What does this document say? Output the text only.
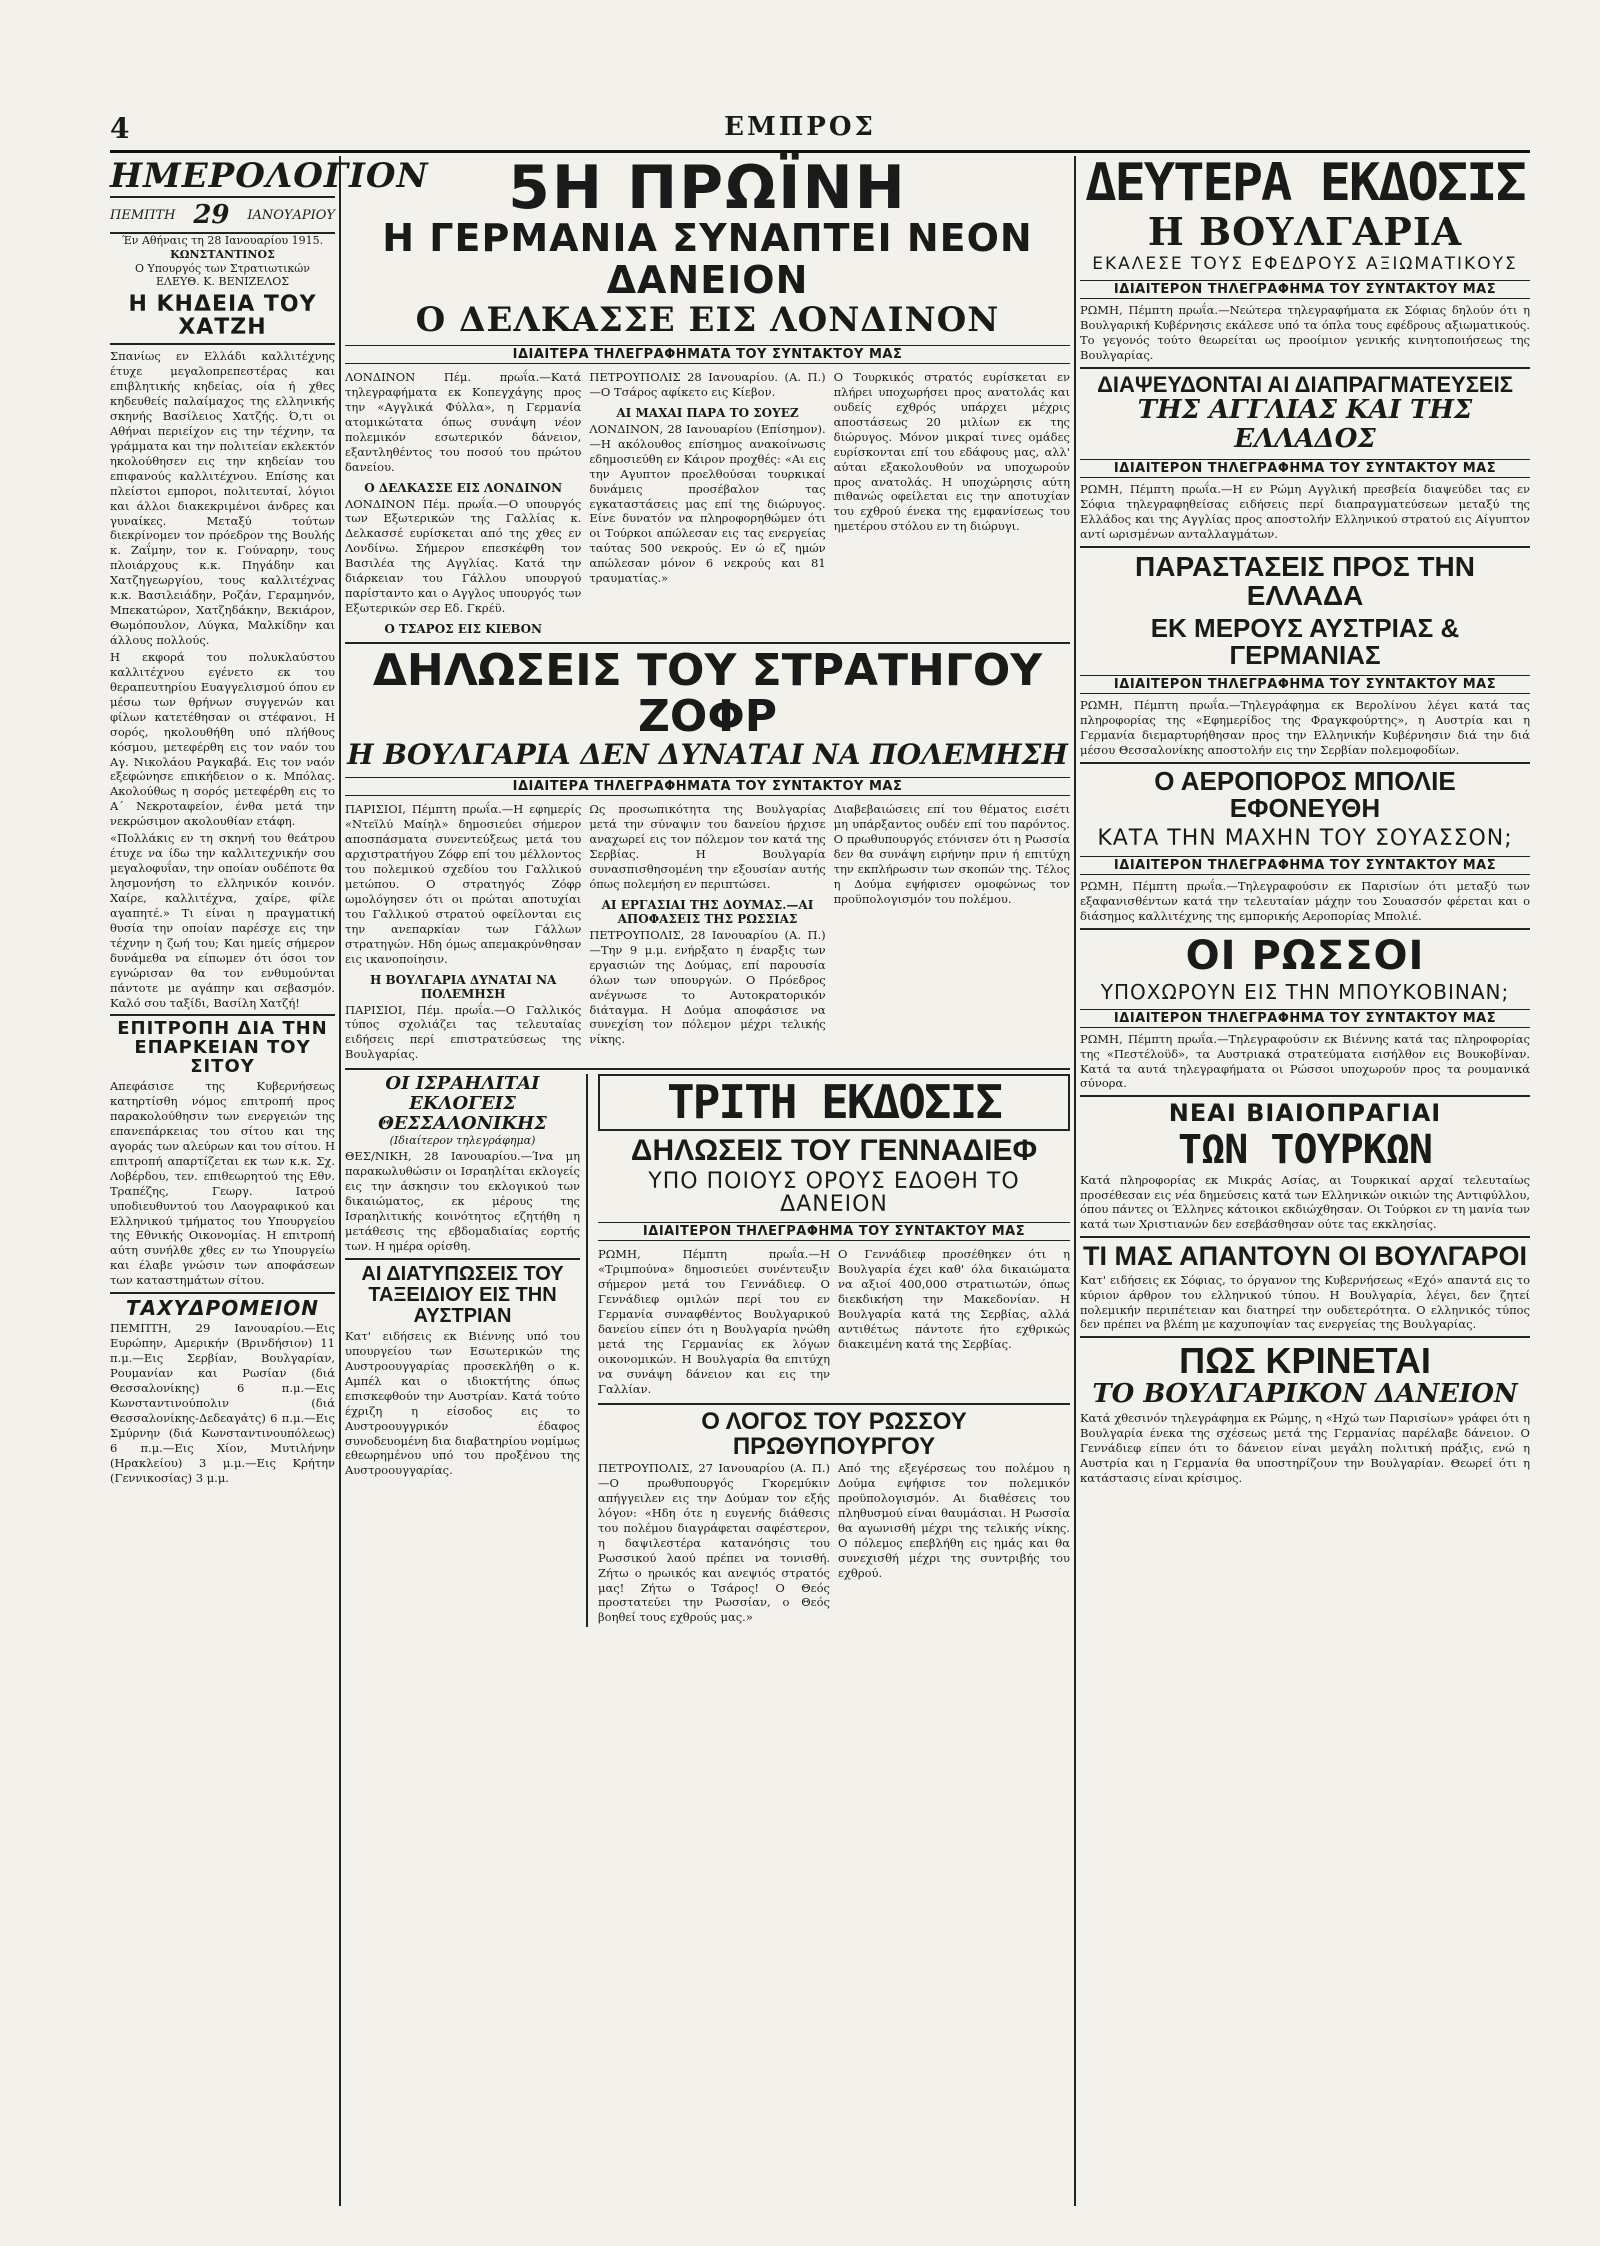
4	ΕΜΠΡΟΣ
ΗΜΕΡΟΛΟΓΙΟΝ
ΠΕΜΠΤΗ 29 ΙΑΝΟΥΑΡΙΟΥ
Έν Αθήναις τη 28 Ιανουαρίου 1915.
ΚΩΝΣΤΑΝΤΙΝΟΣ
Ο Υπουργός των Στρατιωτικών
ΕΛΕΥΘ. Κ. ΒΕΝΙΖΕΛΟΣ
Η ΚΗΔΕΙΑ ΤΟΥ ΧΑΤΖΗ

Σπανίως εν Ελλάδι καλλιτέχνης έτυχε μεγαλοπρεπεστέρας και επιβλητικής κηδείας, οία ή χθες κηδευθείς παλαίμαχος της ελληνικής σκηνής Βασίλειος Χατζής. Ό,τι οι Αθήναι περιείχον εις την τέχνην, τα γράμματα και την πολιτείαν εκλεκτόν ηκολούθησεν εις την κηδείαν του επιφανούς καλλιτέχνου. Επίσης και πλείστοι εμποροι, πολιτευταί, λόγιοι και άλλοι διακεκριμένοι άνδρες και γυναίκες. Μεταξύ τούτων διεκρίνομεν τον πρόεδρον της Βουλής κ. Ζαΐμην, τον κ. Γούναρην, τους πλοιάρχους κ.κ. Πηγάδην και Χατζηγεωργίου, τους καλλιτέχνας κ.κ. Βασιλειάδην, Ροζάν, Γεραμηνόν, Μπεκατώρον, Χατζηδάκην, Βεκιάρον, Θωμόπουλον, Λύγκα, Μαλκίδην και άλλους πολλούς.

Η εκφορά του πολυκλαύστου καλλιτέχνου εγένετο εκ του θεραπευτηρίου Ευαγγελισμού όπου εν μέσω των θρήνων συγγενών και φίλων κατετέθησαν οι στέφανοι. Η σορός, ηκολουθήθη υπό πλήθους κόσμου, μετεφέρθη εις τον ναόν του Αγ. Νικολάου Ραγκαβά. Εις τον ναόν εξεφώνησε επικήδειον ο κ. Μπόλας. Ακολούθως η σορός μετεφέρθη εις το Α΄ Νεκροταφείον, ένθα μετά την νεκρώσιμον ακολουθίαν ετάφη.

«Πολλάκις εν τη σκηνή του θεάτρου έτυχε να ίδω την καλλιτεχνικήν σου μεγαλοφυΐαν, την οποίαν ουδέποτε θα λησμονήση το ελληνικόν κοινόν. Χαίρε, καλλιτέχνα, χαίρε, φίλε αγαπητέ.» Τι είναι η πραγματική θυσία την οποίαν παρέσχε εις την τέχνην η ζωή του; Και ημείς σήμερον δυνάμεθα να είπωμεν ότι όσοι τον εγνώρισαν θα τον ενθυμούνται πάντοτε με αγάπην και σεβασμόν. Καλό σου ταξίδι, Βασίλη Χατζή!

ΕΠΙΤΡΟΠΗ ΔΙΑ ΤΗΝ ΕΠΑΡΚΕΙΑΝ ΤΟΥ ΣΙΤΟΥ

Απεφάσισε της Κυβερνήσεως κατηρτίσθη νόμος επιτροπή προς παρακολούθησιν των ενεργειών της επανεπάρκειας του σίτου και της αγοράς των αλεύρων και του σίτου. Η επιτροπή απαρτίζεται εκ των κ.κ. Σχ. Λοβέρδου, τεν. επιθεωρητού της Εθν. Τραπέζης, Γεωργ. Ιατρού υποδιευθυντού του Λαογραφικού και Ελληνικού τμήματος του Υπουργείου της Εθνικής Οικονομίας. Η επιτροπή αύτη συνήλθε χθες εν τω Υπουργείω και έλαβε γνώσιν των αποφάσεων των καταστημάτων σίτου.

ΤΑΧΥΔΡΟΜΕΙΟΝ

ΠΕΜΠΤΗ, 29 Ιανουαρίου.—Εις Ευρώπην, Αμερικήν (Βρινδήσιον) 11 π.μ.—Εις Σερβίαν, Βουλγαρίαν, Ρουμανίαν και Ρωσίαν (διά Θεσσαλονίκης) 6 π.μ.—Εις Κωνσταντινούπολιν (διά Θεσσαλονίκης-Δεδεαγάτς) 6 π.μ.—Εις Σμύρνην (διά Κωνσταντινουπόλεως) 6 π.μ.—Εις Χίον, Μυτιλήνην (Ηρακλείου) 3 μ.μ.—Εις Κρήτην (Γεννικοσίας) 3 μ.μ.

5Η ΠΡΩΪΝΗ
Η ΓΕΡΜΑΝΙΑ ΣΥΝΑΠΤΕΙ ΝΕΟΝ ΔΑΝΕΙΟΝ
Ο ΔΕΛΚΑΣΣΕ ΕΙΣ ΛΟΝΔΙΝΟΝ
ΙΔΙΑΙΤΕΡΑ ΤΗΛΕΓΡΑΦΗΜΑΤΑ ΤΟΥ ΣΥΝΤΑΚΤΟΥ ΜΑΣ

ΛΟΝΔΙΝΟΝ Πέμ. πρωΐα.—Κατά τηλεγραφήματα εκ Κοπεγχάγης προς την «Αγγλικά Φύλλα», η Γερμανία ατομικώτατα όπως συνάψη νέον πολεμικόν εσωτερικόν δάνειον, εξαντληθέντος του ποσού του πρώτου δανείου.

Ο ΔΕΛΚΑΣΣΕ ΕΙΣ ΛΟΝΔΙΝΟΝ

ΛΟΝΔΙΝΟΝ Πέμ. πρωΐα.—Ο υπουργός των Εξωτερικών της Γαλλίας κ. Δελκασσέ ευρίσκεται από της χθες εν Λονδίνω. Σήμερον επεσκέφθη τον Βασιλέα της Αγγλίας. Κατά την διάρκειαν του Γάλλου υπουργού παρίσταντο και ο Αγγλος υπουργός των Εξωτερικών σερ Εδ. Γκρέϋ.

Ο ΤΣΑΡΟΣ ΕΙΣ ΚΙΕΒΟΝ

ΠΕΤΡΟΥΠΟΛΙΣ 28 Ιανουαρίου. (Α. Π.)—Ο Τσάρος αφίκετο εις Κίεβον.

ΑΙ ΜΑΧΑΙ ΠΑΡΑ ΤΟ ΣΟΥΕΖ

ΛΟΝΔΙΝΟΝ, 28 Ιανουαρίου (Επίσημον).—Η ακόλουθος επίσημος ανακοίνωσις εδημοσιεύθη εν Κάιρον προχθές: «Αι εις την Αγυπτον προελθούσαι τουρκικαί δυνάμεις προσέβαλον τας εγκαταστάσεις μας επί της διώρυγος. Είνε δυνατόν να πληροφορηθώμεν ότι οι Τούρκοι απώλεσαν εις τας ενεργείας ταύτας 500 νεκρούς. Εν ώ εζ ημών απώλεσαν μόνον 6 νεκρούς και 81 τραυματίας.»

Ο Τουρκικός στρατός ευρίσκεται εν πλήρει υποχωρήσει προς ανατολάς και ουδείς εχθρός υπάρχει μέχρις αποστάσεως 20 μιλίων εκ της διώρυγος. Μόνον μικραί τινες ομάδες ευρίσκονται επί του εδάφους μας, αλλ' αύται εξακολουθούν να υποχωρούν προς ανατολάς. Η υποχώρησις αύτη πιθανώς οφείλεται εις την αποτυχίαν του εχθρού ένεκα της εμφανίσεως του ημετέρου στόλου εν τη διώρυγι.

ΔΗΛΩΣΕΙΣ ΤΟΥ ΣΤΡΑΤΗΓΟΥ ΖΟΦΡ
Η ΒΟΥΛΓΑΡΙΑ ΔΕΝ ΔΥΝΑΤΑΙ ΝΑ ΠΟΛΕΜΗΣΗ
ΙΔΙΑΙΤΕΡΑ ΤΗΛΕΓΡΑΦΗΜΑΤΑ ΤΟΥ ΣΥΝΤΑΚΤΟΥ ΜΑΣ

ΠΑΡΙΣΙΟΙ, Πέμπτη πρωΐα.—Η εφημερίς «Ντεϊλύ Μαίηλ» δημοσιεύει σήμερον αποσπάσματα συνεντεύξεως μετά του αρχιστρατήγου Ζόφρ επί του μέλλοντος του πολεμικού σχεδίου του Γαλλικού μετώπου. Ο στρατηγός Ζόφρ ωμολόγησεν ότι οι πρώται αποτυχίαι του Γαλλικού στρατού οφείλονται εις την ανεπαρκίαν των Γάλλων στρατηγών. Ηδη όμως απεμακρύνθησαν εις ικανοποίησιν.

Η ΒΟΥΛΓΑΡΙΑ ΔΥΝΑΤΑΙ ΝΑ ΠΟΛΕΜΗΣΗ

ΠΑΡΙΣΙΟΙ, Πέμ. πρωΐα.—Ο Γαλλικός τύπος σχολιάζει τας τελευταίας ειδήσεις περί επιστρατεύσεως της Βουλγαρίας.

Ως προσωπικότητα της Βουλγαρίας μετά την σύναψιν του δανείου ήρχισε αναχωρεί εις τον πόλεμον τον κατά της Σερβίας. Η Βουλγαρία συνασπισθησομένη την εξουσίαν αυτής όπως πολεμήση εν περιπτώσει.

ΑΙ ΕΡΓΑΣΙΑΙ ΤΗΣ ΔΟΥΜΑΣ.—ΑΙ ΑΠΟΦΑΣΕΙΣ ΤΗΣ ΡΩΣΣΙΑΣ

ΠΕΤΡΟΥΠΟΛΙΣ, 28 Ιανουαρίου (Α. Π.)—Την 9 μ.μ. ενήρξατο η έναρξις των εργασιών της Δούμας, επί παρουσία όλων των υπουργών. Ο Πρόεδρος ανέγνωσε το Αυτοκρατορικόν διάταγμα. Η Δούμα αποφάσισε να συνεχίση τον πόλεμον μέχρι τελικής νίκης.

Διαβεβαιώσεις επί του θέματος εισέτι μη υπάρξαντος ουδέν επί του παρόντος. Ο πρωθυπουργός ετόνισεν ότι η Ρωσσία δεν θα συνάψη ειρήνην πριν ή επιτύχη την εκπλήρωσιν των σκοπών της. Τέλος η Δούμα εψήφισεν ομοφώνως τον προϋπολογισμόν του πολέμου.

ΟΙ ΙΣΡΑΗΛΙΤΑΙ ΕΚΛΟΓΕΙΣ ΘΕΣΣΑΛΟΝΙΚΗΣ
(Ιδιαίτερον τηλεγράφημα)

ΘΕΣ/ΝΙΚΗ, 28 Ιανουαρίου.—Ίνα μη παρακωλυθώσιν οι Ισραηλίται εκλογείς εις την άσκησιν του εκλογικού των δικαιώματος, εκ μέρους της Ισραηλιτικής κοινότητος εζητήθη η μετάθεσις της εβδομαδιαίας εορτής των. Η ημέρα ορίσθη.

ΑΙ ΔΙΑΤΥΠΩΣΕΙΣ ΤΟΥ ΤΑΞΕΙΔΙΟΥ ΕΙΣ ΤΗΝ ΑΥΣΤΡΙΑΝ

Κατ' ειδήσεις εκ Βιέννης υπό του υπουργείου των Εσωτερικών της Αυστροουγγαρίας προσεκλήθη ο κ. Αμπέλ και ο ιδιοκτήτης όπως επισκεφθούν την Αυστρίαν. Κατά τούτο έχριζη η είσοδος εις το Αυστροουγγρικόν έδαφος συνοδευομένη δια διαβατηρίου νομίμως εθεωρημένου υπό του προξένου της Αυστροουγγαρίας.

ΤΡΙΤΗ ΕΚΔΟΣΙΣ
ΔΗΛΩΣΕΙΣ ΤΟΥ ΓΕΝΝΑΔΙΕΦ
ΥΠΟ ΠΟΙΟΥΣ ΟΡΟΥΣ ΕΔΟΘΗ ΤΟ ΔΑΝΕΙΟΝ
ΙΔΙΑΙΤΕΡΟΝ ΤΗΛΕΓΡΑΦΗΜΑ ΤΟΥ ΣΥΝΤΑΚΤΟΥ ΜΑΣ

ΡΩΜΗ, Πέμπτη πρωΐα.—Η «Τριμπούνα» δημοσιεύει συνέντευξιν σήμερον μετά του Γεννάδιεφ. Ο Γεννάδιεφ ομιλών περί του εν Γερμανία συναφθέντος Βουλγαρικού δανείου είπεν ότι η Βουλγαρία ηνώθη μετά της Γερμανίας εκ λόγων οικονομικών. Η Βουλγαρία θα επιτύχη να συνάψη δάνειον και εις την Γαλλίαν.

Ο Γεννάδιεφ προσέθηκεν ότι η Βουλγαρία έχει καθ' όλα δικαιώματα να αξιοί 400,000 στρατιωτών, όπως διεκδικήση την Μακεδονίαν. Η Βουλγαρία κατά της Σερβίας, αλλά αντιθέτως πάντοτε ήτο εχθρικώς διακειμένη κατά της Σερβίας.

Ο ΛΟΓΟΣ ΤΟΥ ΡΩΣΣΟΥ ΠΡΩΘΥΠΟΥΡΓΟΥ

ΠΕΤΡΟΥΠΟΛΙΣ, 27 Ιανουαρίου (Α. Π.)—Ο πρωθυπουργός Γκορεμύκιν απήγγειλεν εις την Δούμαν τον εξής λόγον: «Ηδη ότε η ευγενής διάθεσις του πολέμου διαγράφεται σαφέστερον, η δαψιλεστέρα κατανόησις του Ρωσσικού λαού πρέπει να τονισθή. Ζήτω ο ηρωικός και ανεψιός στρατός μας! Ζήτω ο Τσάρος! Ο Θεός προστατεύει την Ρωσσίαν, ο Θεός βοηθεί τους εχθρούς μας.»

Από της εξεγέρσεως του πολέμου η Δούμα εψήφισε τον πολεμικόν προϋπολογισμόν. Αι διαθέσεις του πληθυσμού είναι θαυμάσιαι. Η Ρωσσία θα αγωνισθή μέχρι της τελικής νίκης. Ο πόλεμος επεβλήθη εις ημάς και θα συνεχισθή μέχρι της συντριβής του εχθρού.

ΔΕΥΤΕΡΑ ΕΚΔΟΣΙΣ
Η ΒΟΥΛΓΑΡΙΑ
ΕΚΑΛΕΣΕ ΤΟΥΣ ΕΦΕΔΡΟΥΣ ΑΞΙΩΜΑΤΙΚΟΥΣ
ΙΔΙΑΙΤΕΡΟΝ ΤΗΛΕΓΡΑΦΗΜΑ ΤΟΥ ΣΥΝΤΑΚΤΟΥ ΜΑΣ

ΡΩΜΗ, Πέμπτη πρωΐα.—Νεώτερα τηλεγραφήματα εκ Σόφιας δηλούν ότι η Βουλγαρική Κυβέρνησις εκάλεσε υπό τα όπλα τους εφέδρους αξιωματικούς. Το γεγονός τούτο θεωρείται ως προοίμιον γενικής κινητοποιήσεως της Βουλγαρίας.

ΔΙΑΨΕΥΔΟΝΤΑΙ ΑΙ ΔΙΑΠΡΑΓΜΑΤΕΥΣΕΙΣ
ΤΗΣ ΑΓΓΛΙΑΣ ΚΑΙ ΤΗΣ ΕΛΛΑΔΟΣ
ΙΔΙΑΙΤΕΡΟΝ ΤΗΛΕΓΡΑΦΗΜΑ ΤΟΥ ΣΥΝΤΑΚΤΟΥ ΜΑΣ

ΡΩΜΗ, Πέμπτη πρωΐα.—Η εν Ρώμη Αγγλική πρεσβεία διαψεύδει τας εν Σόφια τηλεγραφηθείσας ειδήσεις περί διαπραγματεύσεων μεταξύ της Ελλάδος και της Αγγλίας προς αποστολήν Ελληνικού στρατού εις Αίγυπτον αντί ωρισμένων ανταλλαγμάτων.

ΠΑΡΑΣΤΑΣΕΙΣ ΠΡΟΣ ΤΗΝ ΕΛΛΑΔΑ
ΕΚ ΜΕΡΟΥΣ ΑΥΣΤΡΙΑΣ & ΓΕΡΜΑΝΙΑΣ
ΙΔΙΑΙΤΕΡΟΝ ΤΗΛΕΓΡΑΦΗΜΑ ΤΟΥ ΣΥΝΤΑΚΤΟΥ ΜΑΣ

ΡΩΜΗ, Πέμπτη πρωΐα.—Τηλεγράφημα εκ Βερολίνου λέγει κατά τας πληροφορίας της «Εφημερίδος της Φραγκφούρτης», η Αυστρία και η Γερμανία διεμαρτυρήθησαν προς την Ελληνικήν Κυβέρνησιν διά την διά μέσου Θεσσαλονίκης αποστολήν εις την Σερβίαν πολεμοφοδίων.

Ο ΑΕΡΟΠΟΡΟΣ ΜΠΟΛΙΕ ΕΦΟΝΕΥΘΗ
ΚΑΤΑ ΤΗΝ ΜΑΧΗΝ ΤΟΥ ΣΟΥΑΣΣΟΝ;
ΙΔΙΑΙΤΕΡΟΝ ΤΗΛΕΓΡΑΦΗΜΑ ΤΟΥ ΣΥΝΤΑΚΤΟΥ ΜΑΣ

ΡΩΜΗ, Πέμπτη πρωΐα.—Τηλεγραφούσιν εκ Παρισίων ότι μεταξύ των εξαφανισθέντων κατά την τελευταίαν μάχην του Σουασσόν φέρεται και ο διάσημος καλλιτέχνης της εμπορικής Αεροπορίας Μπολιέ.

ΟΙ ΡΩΣΣΟΙ
ΥΠΟΧΩΡΟΥΝ ΕΙΣ ΤΗΝ ΜΠΟΥΚΟΒΙΝΑΝ;
ΙΔΙΑΙΤΕΡΟΝ ΤΗΛΕΓΡΑΦΗΜΑ ΤΟΥ ΣΥΝΤΑΚΤΟΥ ΜΑΣ

ΡΩΜΗ, Πέμπτη πρωΐα.—Τηλεγραφούσιν εκ Βιέννης κατά τας πληροφορίας της «Πεστέλοϋδ», τα Αυστριακά στρατεύματα εισήλθον εις Βουκοβίναν. Κατά τα αυτά τηλεγραφήματα οι Ρώσσοι υποχωρούν προς τα ρουμανικά σύνορα.

ΝΕΑΙ ΒΙΑΙΟΠΡΑΓΙΑΙ
ΤΩΝ ΤΟΥΡΚΩΝ

Κατά πληροφορίας εκ Μικράς Ασίας, αι Τουρκικαί αρχαί τελευταίως προσέθεσαν εις νέα δημεύσεις κατά των Ελληνικών οικιών της Αντιφύλλου, όπου πάντες οι Έλληνες κάτοικοι εκδιώχθησαν. Οι Τούρκοι εν τη μανία των κατά των Χριστιανών δεν εσεβάσθησαν ούτε τας εκκλησίας.

ΤΙ ΜΑΣ ΑΠΑΝΤΟΥΝ ΟΙ ΒΟΥΛΓΑΡΟΙ

Κατ' ειδήσεις εκ Σόφιας, το όργανον της Κυβερνήσεως «Εχό» απαντά εις το κύριον άρθρον του ελληνικού τύπου. Η Βουλγαρία, λέγει, δεν ζητεί πολεμικήν περιπέτειαν και διατηρεί την ουδετερότητα. Ο ελληνικός τύπος δεν πρέπει να βλέπη με καχυποψίαν τας ενεργείας της Βουλγαρίας.

ΠΩΣ ΚΡΙΝΕΤΑΙ
ΤΟ ΒΟΥΛΓΑΡΙΚΟΝ ΔΑΝΕΙΟΝ

Κατά χθεσινόν τηλεγράφημα εκ Ρώμης, η «Ηχώ των Παρισίων» γράφει ότι η Βουλγαρία ένεκα της σχέσεως μετά της Γερμανίας παρέλαβε δάνειον. Ο Γεννάδιεφ είπεν ότι το δάνειον είναι μεγάλη πολιτική πράξις, ενώ η Αυστρία και η Γερμανία θα υποστηρίζουν την Βουλγαρίαν. Θεωρεί ότι η κατάστασις είναι κρίσιμος.
